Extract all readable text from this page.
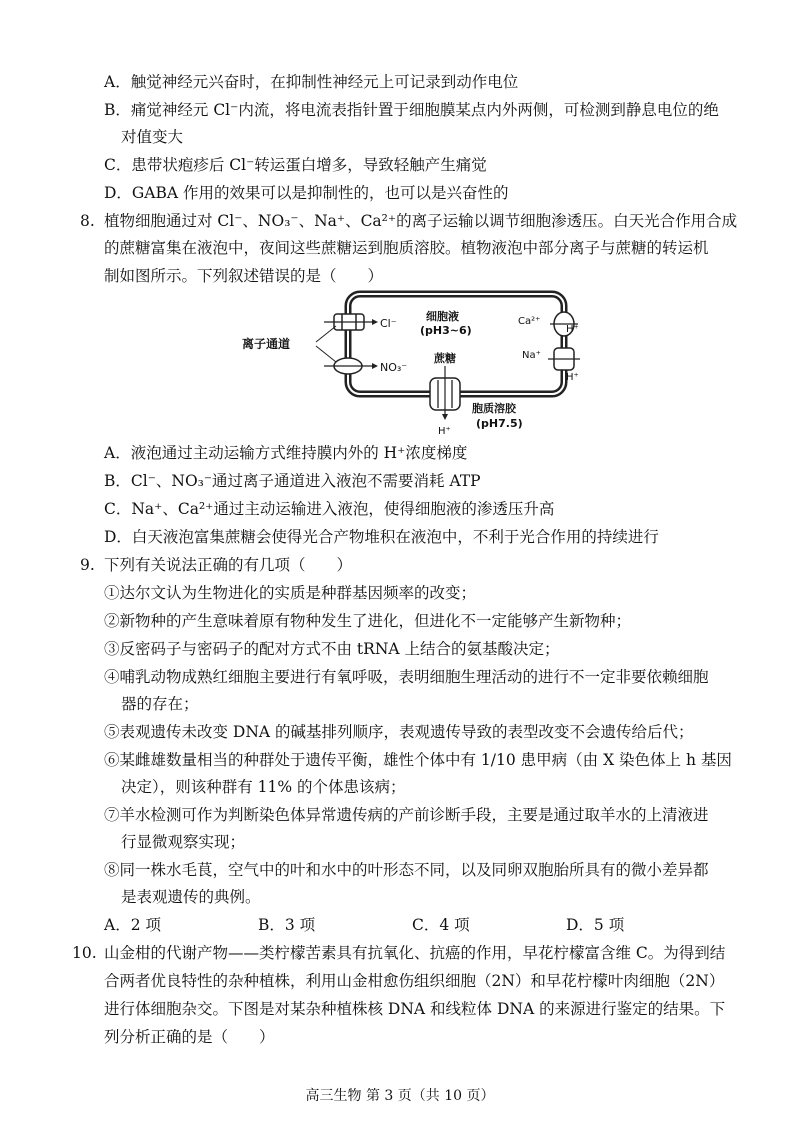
A．触觉神经元兴奋时，在抑制性神经元上可记录到动作电位
B．痛觉神经元 Cl⁻内流，将电流表指针置于细胞膜某点内外两侧，可检测到静息电位的绝
对值变大
C．患带状疱疹后 Cl⁻转运蛋白增多，导致轻触产生痛觉
D．GABA 作用的效果可以是抑制性的，也可以是兴奋性的
8. 植物细胞通过对 Cl⁻、NO₃⁻、Na⁺、Ca²⁺的离子运输以调节细胞渗透压。白天光合作用合成
的蔗糖富集在液泡中，夜间这些蔗糖运到胞质溶胶。植物液泡中部分离子与蔗糖的转运机
制如图所示。下列叙述错误的是（　　）
Cl⁻
NO₃⁻
离子通道
细胞液
(pH3~6)
蔗糖
H⁺
胞质溶胶
(pH7.5)
Ca²⁺
H⁺
Na⁺
H⁺
A．液泡通过主动运输方式维持膜内外的 H⁺浓度梯度
B．Cl⁻、NO₃⁻通过离子通道进入液泡不需要消耗 ATP
C．Na⁺、Ca²⁺通过主动运输进入液泡，使得细胞液的渗透压升高
D．白天液泡富集蔗糖会使得光合产物堆积在液泡中，不利于光合作用的持续进行
9. 下列有关说法正确的有几项（　　）
①达尔文认为生物进化的实质是种群基因频率的改变；
②新物种的产生意味着原有物种发生了进化，但进化不一定能够产生新物种；
③反密码子与密码子的配对方式不由 tRNA 上结合的氨基酸决定；
④哺乳动物成熟红细胞主要进行有氧呼吸，表明细胞生理活动的进行不一定非要依赖细胞
器的存在；
⑤表观遗传未改变 DNA 的碱基排列顺序，表观遗传导致的表型改变不会遗传给后代；
⑥某雌雄数量相当的种群处于遗传平衡，雄性个体中有 1/10 患甲病（由 X 染色体上 h 基因
决定），则该种群有 11% 的个体患该病；
⑦羊水检测可作为判断染色体异常遗传病的产前诊断手段，主要是通过取羊水的上清液进
行显微观察实现；
⑧同一株水毛茛，空气中的叶和水中的叶形态不同，以及同卵双胞胎所具有的微小差异都
是表观遗传的典例。
A．2 项	B．3 项	C．4 项	D．5 项
10. 山金柑的代谢产物——类柠檬苦素具有抗氧化、抗癌的作用，早花柠檬富含维 C。为得到结
合两者优良特性的杂种植株，利用山金柑愈伤组织细胞（2N）和早花柠檬叶肉细胞（2N）
进行体细胞杂交。下图是对某杂种植株核 DNA 和线粒体 DNA 的来源进行鉴定的结果。下
列分析正确的是（　　）
高三生物 第 3 页（共 10 页）
